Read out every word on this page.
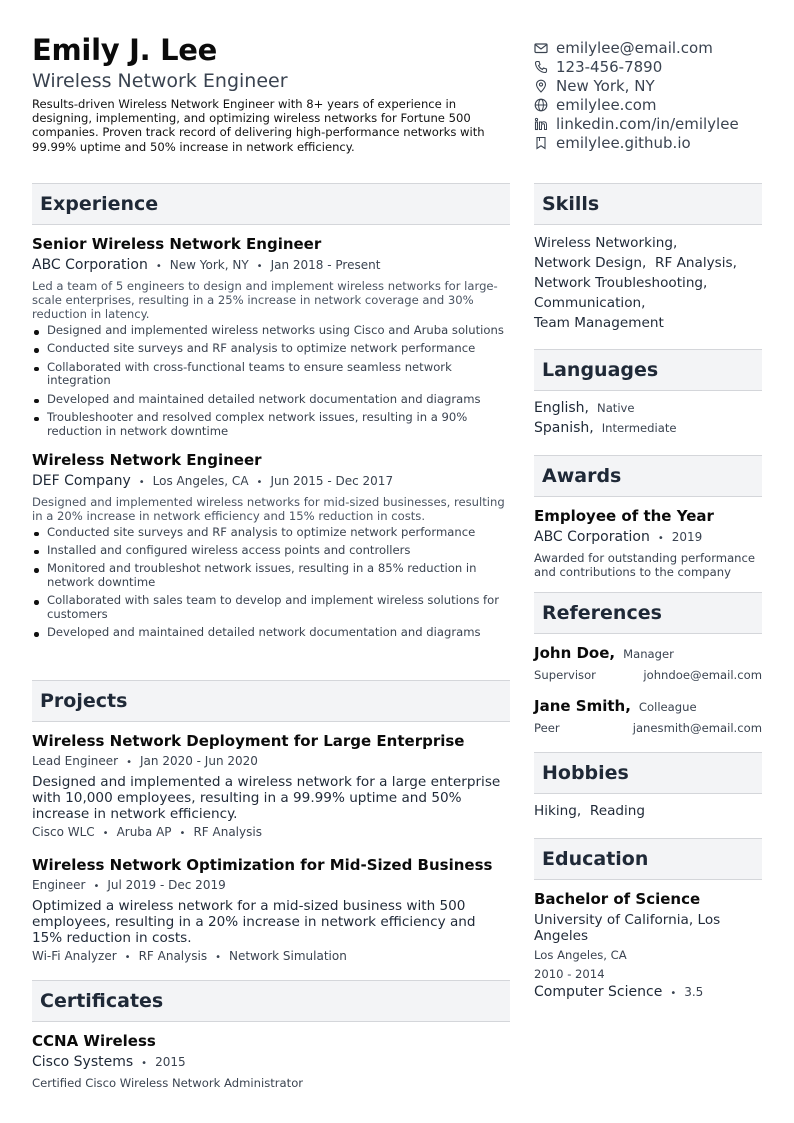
Emily J. Lee
Wireless Network Engineer
Results-driven Wireless Network Engineer with 8+ years of experience in designing, implementing, and optimizing wireless networks for Fortune 500 companies. Proven track record of delivering high-performance networks with 99.99% uptime and 50% increase in network efficiency.
emilylee@email.com
123-456-7890
New York, NY
emilylee.com
linkedin.com/in/emilylee
emilylee.github.io
Experience
Senior Wireless Network Engineer
ABC Corporation • New York, NY • Jan 2018 - Present
Led a team of 5 engineers to design and implement wireless networks for large-scale enterprises, resulting in a 25% increase in network coverage and 30% reduction in latency.
Designed and implemented wireless networks using Cisco and Aruba solutions
Conducted site surveys and RF analysis to optimize network performance
Collaborated with cross-functional teams to ensure seamless network integration
Developed and maintained detailed network documentation and diagrams
Troubleshooter and resolved complex network issues, resulting in a 90% reduction in network downtime
Wireless Network Engineer
DEF Company • Los Angeles, CA • Jun 2015 - Dec 2017
Designed and implemented wireless networks for mid-sized businesses, resulting in a 20% increase in network efficiency and 15% reduction in costs.
Conducted site surveys and RF analysis to optimize network performance
Installed and configured wireless access points and controllers
Monitored and troubleshot network issues, resulting in a 85% reduction in network downtime
Collaborated with sales team to develop and implement wireless solutions for customers
Developed and maintained detailed network documentation and diagrams
Projects
Wireless Network Deployment for Large Enterprise
Lead Engineer • Jan 2020 - Jun 2020
Designed and implemented a wireless network for a large enterprise with 10,000 employees, resulting in a 99.99% uptime and 50% increase in network efficiency.
Cisco WLC • Aruba AP • RF Analysis
Wireless Network Optimization for Mid-Sized Business
Engineer • Jul 2019 - Dec 2019
Optimized a wireless network for a mid-sized business with 500 employees, resulting in a 20% increase in network efficiency and 15% reduction in costs.
Wi-Fi Analyzer • RF Analysis • Network Simulation
Certificates
CCNA Wireless
Cisco Systems • 2015
Certified Cisco Wireless Network Administrator
Skills
Wireless Networking,
Network Design, RF Analysis,
Network Troubleshooting,
Communication,
Team Management
Languages
English, Native
Spanish, Intermediate
Awards
Employee of the Year
ABC Corporation • 2019
Awarded for outstanding performance and contributions to the company
References
John Doe, Manager
Supervisor	johndoe@email.com
Jane Smith, Colleague
Peer	janesmith@email.com
Hobbies
Hiking, Reading
Education
Bachelor of Science
University of California, Los Angeles
Los Angeles, CA
2010 - 2014
Computer Science • 3.5
